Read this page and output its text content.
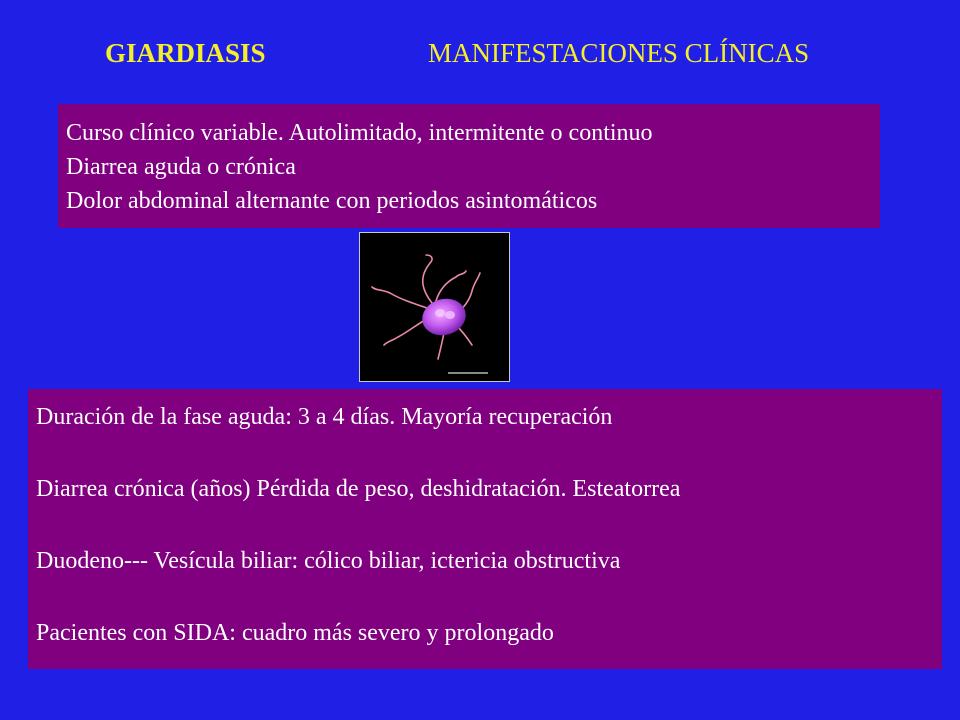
GIARDIASIS	MANIFESTACIONES CLÍNICAS
Curso clínico variable. Autolimitado, intermitente o continuo
Diarrea aguda o crónica
Dolor abdominal alternante con periodos asintomáticos
Duración de la fase aguda: 3 a 4 días. Mayoría recuperación
Diarrea crónica (años) Pérdida de peso, deshidratación. Esteatorrea
Duodeno--- Vesícula biliar: cólico biliar, ictericia obstructiva
Pacientes con SIDA: cuadro más severo y prolongado
